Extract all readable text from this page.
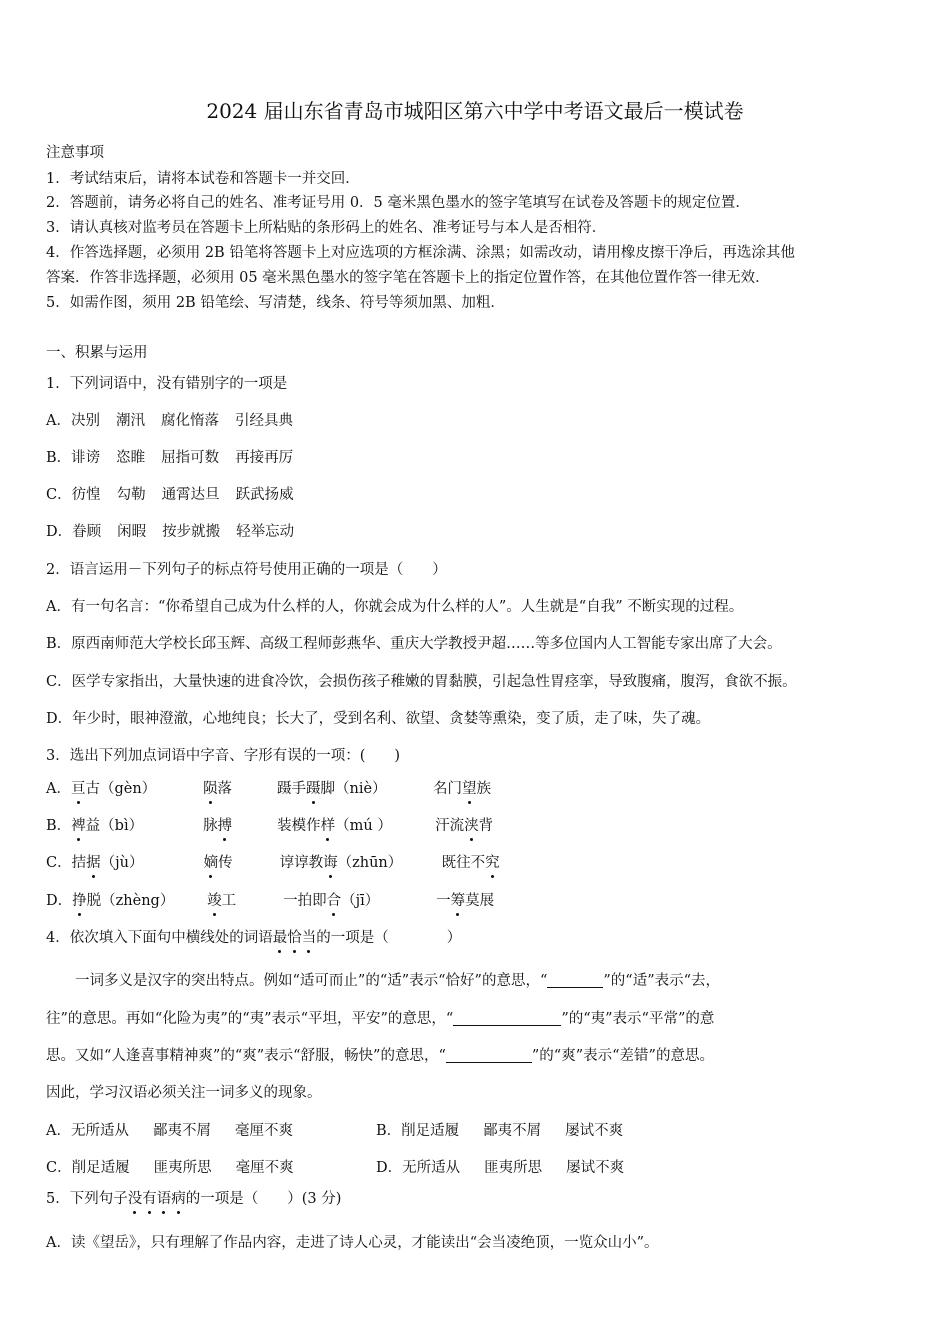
2024 届山东省青岛市城阳区第六中学中考语文最后一模试卷
注意事项
1．考试结束后，请将本试卷和答题卡一并交回．
2．答题前，请务必将自己的姓名、准考证号用 0．5 毫米黑色墨水的签字笔填写在试卷及答题卡的规定位置．
3．请认真核对监考员在答题卡上所粘贴的条形码上的姓名、准考证号与本人是否相符．
4．作答选择题，必须用 2B 铅笔将答题卡上对应选项的方框涂满、涂黑；如需改动，请用橡皮擦干净后，再选涂其他
答案．作答非选择题，必须用 05 毫米黑色墨水的签字笔在答题卡上的指定位置作答，在其他位置作答一律无效．
5．如需作图，须用 2B 铅笔绘、写清楚，线条、符号等须加黑、加粗．
一、积累与运用
1．下列词语中，没有错别字的一项是
A．决别 潮汛 腐化惰落 引经具典
B．诽谤 恣睢 屈指可数 再接再厉
C．彷惶 勾勒 通霄达旦 跃武扬威
D．眷顾 闲暇 按步就搬 轻举忘动
2．语言运用－下列句子的标点符号使用正确的一项是（　　）
A．有一句名言：“你希望自己成为什么样的人，你就会成为什么样的人”。人生就是“自我” 不断实现的过程。
B．原西南师范大学校长邱玉辉、高级工程师彭燕华、重庆大学教授尹超……等多位国内人工智能专家出席了大会。
C．医学专家指出，大量快速的进食冷饮，会损伤孩子稚嫩的胃黏膜，引起急性胃痉挛，导致腹痛，腹泻，食欲不振。
D．年少时，眼神澄澈，心地纯良；长大了，受到名利、欲望、贪婪等熏染，变了质，走了味，失了魂。
3．选出下列加点词语中字音、字形有误的一项：(　　)
A．亘古（gèn）	陨落	蹑手蹑脚（niè）	名门望族
B．裨益（bì）	脉搏	装模作样（mú ）	汗流浃背
C．拮据（jù）	嫡传	谆谆教诲（zhūn）	既往不究
D．挣脱（zhèng） 竣工	一拍即合（jī）	一筹莫展
4．依次填入下面句中横线处的词语最恰当的一项是（　　　　）
　　一词多义是汉字的突出特点。例如“适可而止”的“适”表示“恰好”的意思，“	”的“适”表示“去，
往”的意思。再如“化险为夷”的“夷”表示“平坦，平安”的意思，“	”的“夷”表示“平常”的意
思。又如“人逢喜事精神爽”的“爽”表示“舒服，畅快”的意思，“	”的“爽”表示“差错”的意思。
因此，学习汉语必须关注一词多义的现象。
A．无所适从 鄙夷不屑 毫厘不爽	B．削足适履 鄙夷不屑 屡试不爽
C．削足适履 匪夷所思 毫厘不爽	D．无所适从 匪夷所思 屡试不爽
5．下列句子没有语病的一项是（　　）(3 分)
A．读《望岳》，只有理解了作品内容，走进了诗人心灵，才能读出“会当凌绝顶，一览众山小”。
